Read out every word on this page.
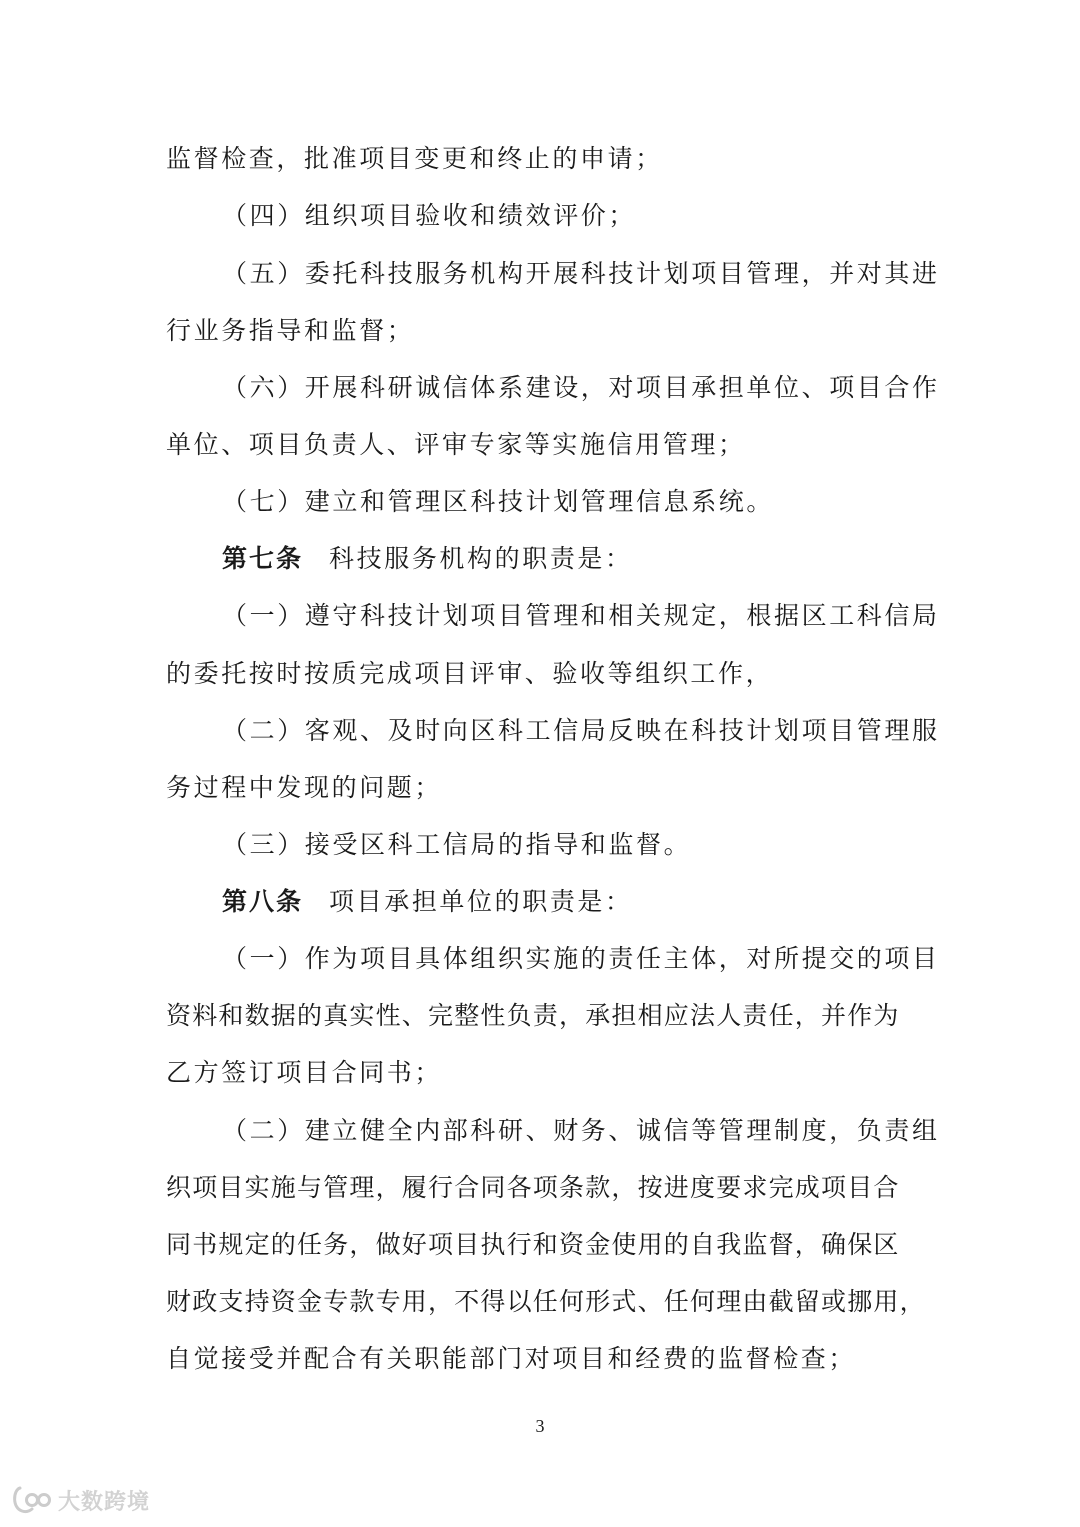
监督检查，批准项目变更和终止的申请；
（四）组织项目验收和绩效评价；
（五）委托科技服务机构开展科技计划项目管理，并对其进
行业务指导和监督；
（六）开展科研诚信体系建设，对项目承担单位、项目合作
单位、项目负责人、评审专家等实施信用管理；
（七）建立和管理区科技计划管理信息系统。
第七条 科技服务机构的职责是：
（一）遵守科技计划项目管理和相关规定，根据区工科信局
的委托按时按质完成项目评审、验收等组织工作，
（二）客观、及时向区科工信局反映在科技计划项目管理服
务过程中发现的问题；
（三）接受区科工信局的指导和监督。
第八条 项目承担单位的职责是：
（一）作为项目具体组织实施的责任主体，对所提交的项目
资料和数据的真实性、完整性负责，承担相应法人责任，并作为
乙方签订项目合同书；
（二）建立健全内部科研、财务、诚信等管理制度，负责组
织项目实施与管理，履行合同各项条款，按进度要求完成项目合
同书规定的任务，做好项目执行和资金使用的自我监督，确保区
财政支持资金专款专用，不得以任何形式、任何理由截留或挪用，
自觉接受并配合有关职能部门对项目和经费的监督检查；
3
大数跨境
